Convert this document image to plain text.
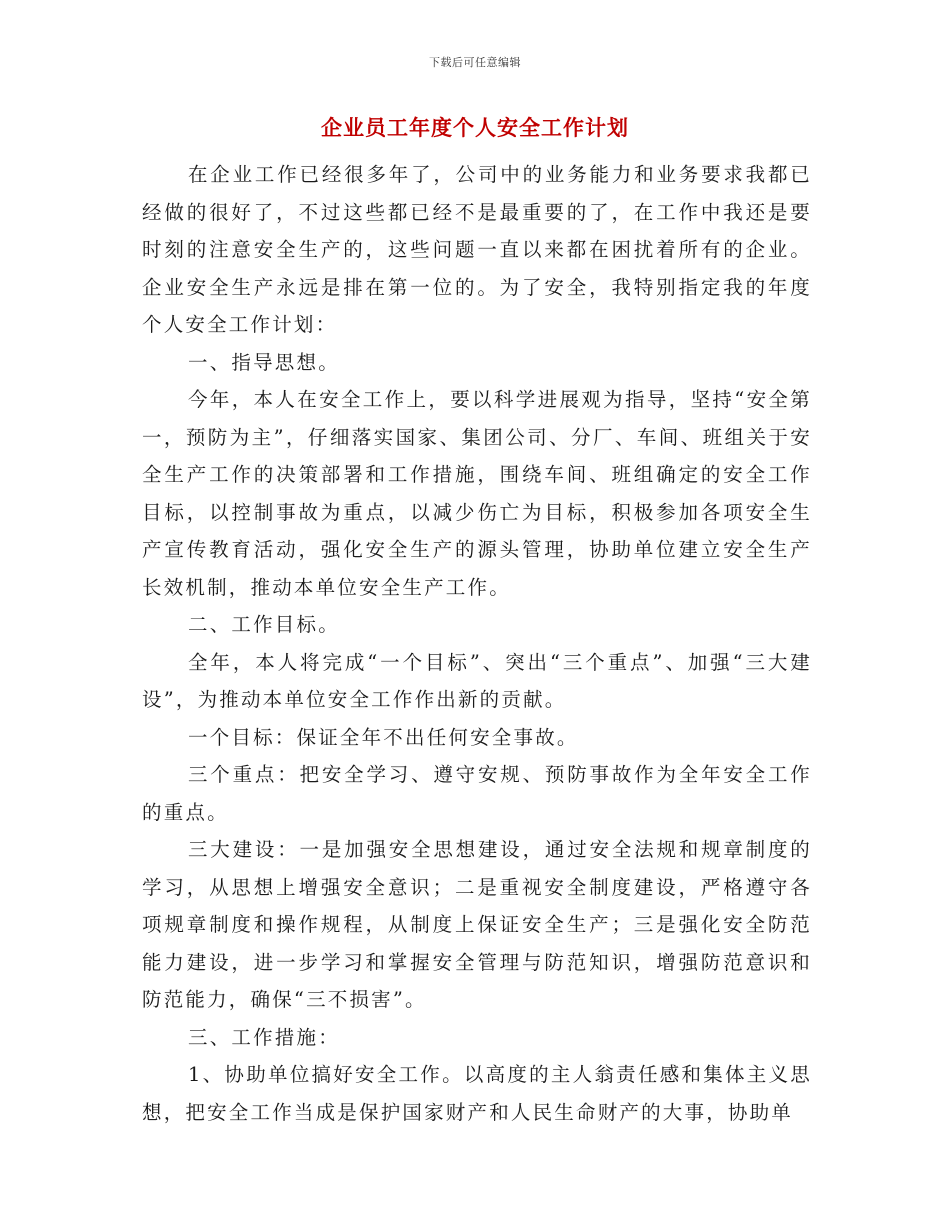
下载后可任意编辑
企业员工年度个人安全工作计划

在企业工作已经很多年了，公司中的业务能力和业务要求我都已经做的很好了，不过这些都已经不是最重要的了，在工作中我还是要时刻的注意安全生产的，这些问题一直以来都在困扰着所有的企业。企业安全生产永远是排在第一位的。为了安全，我特别指定我的年度个人安全工作计划：

一、指导思想。

今年，本人在安全工作上，要以科学进展观为指导，坚持“安全第一，预防为主”，仔细落实国家、集团公司、分厂、车间、班组关于安全生产工作的决策部署和工作措施，围绕车间、班组确定的安全工作目标，以控制事故为重点，以减少伤亡为目标，积极参加各项安全生产宣传教育活动，强化安全生产的源头管理，协助单位建立安全生产长效机制，推动本单位安全生产工作。

二、工作目标。

全年，本人将完成“一个目标”、突出“三个重点”、加强“三大建设”，为推动本单位安全工作作出新的贡献。

一个目标：保证全年不出任何安全事故。

三个重点：把安全学习、遵守安规、预防事故作为全年安全工作的重点。

三大建设：一是加强安全思想建设，通过安全法规和规章制度的学习，从思想上增强安全意识；二是重视安全制度建设，严格遵守各项规章制度和操作规程，从制度上保证安全生产；三是强化安全防范能力建设，进一步学习和掌握安全管理与防范知识，增强防范意识和防范能力，确保“三不损害”。

三、工作措施：

1、协助单位搞好安全工作。以高度的主人翁责任感和集体主义思想，把安全工作当成是保护国家财产和人民生命财产的大事，协助单
